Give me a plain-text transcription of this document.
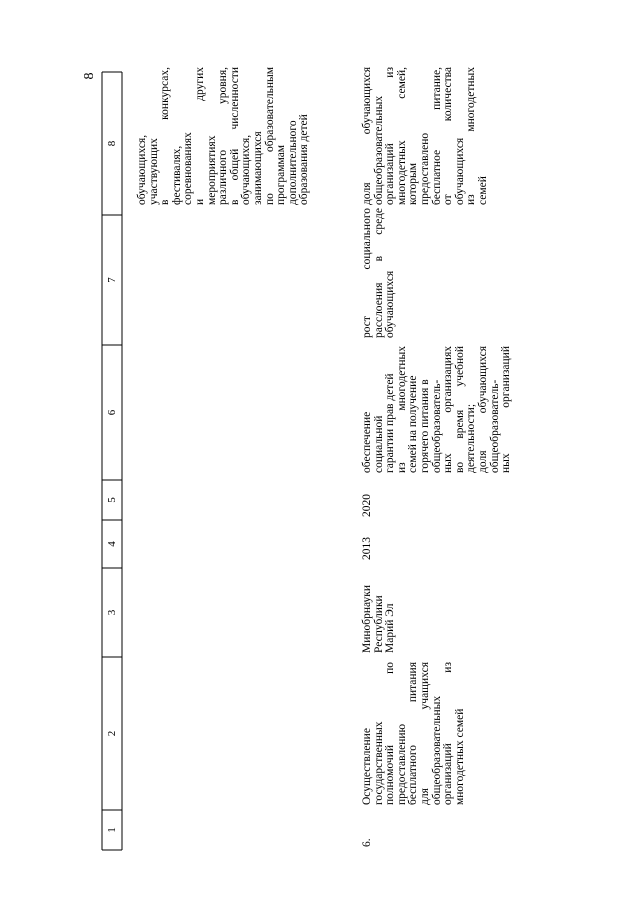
8
1
2
3
4
5
6
7
8 обучающихся, участвующих в конкурсах, фестивалях, соревнованиях и других мероприятиях различного уровня, в общей численности обучающихся, занимающихся по образовательным программам дополнительного образования детей
6.
Осуществление государственных полномочий по предоставлению бесплатного питания для учащихся общеобразовательных организаций из многодетных семей
Минобрнауки Республики Марий Эл
2013
2020
обеспечение социальной гарантии прав детей из многодетных семей на получение горячего питания в общеобразователь- ных организациях во время учебной деятельности; доля обучающихся общеобразователь- ных организаций
рост социального расслоения в среде обучающихся
доля обучающихся общеобразовательных организаций из многодетных семей, которым предоставлено бесплатное питание, от количества обучающихся из многодетных семей
